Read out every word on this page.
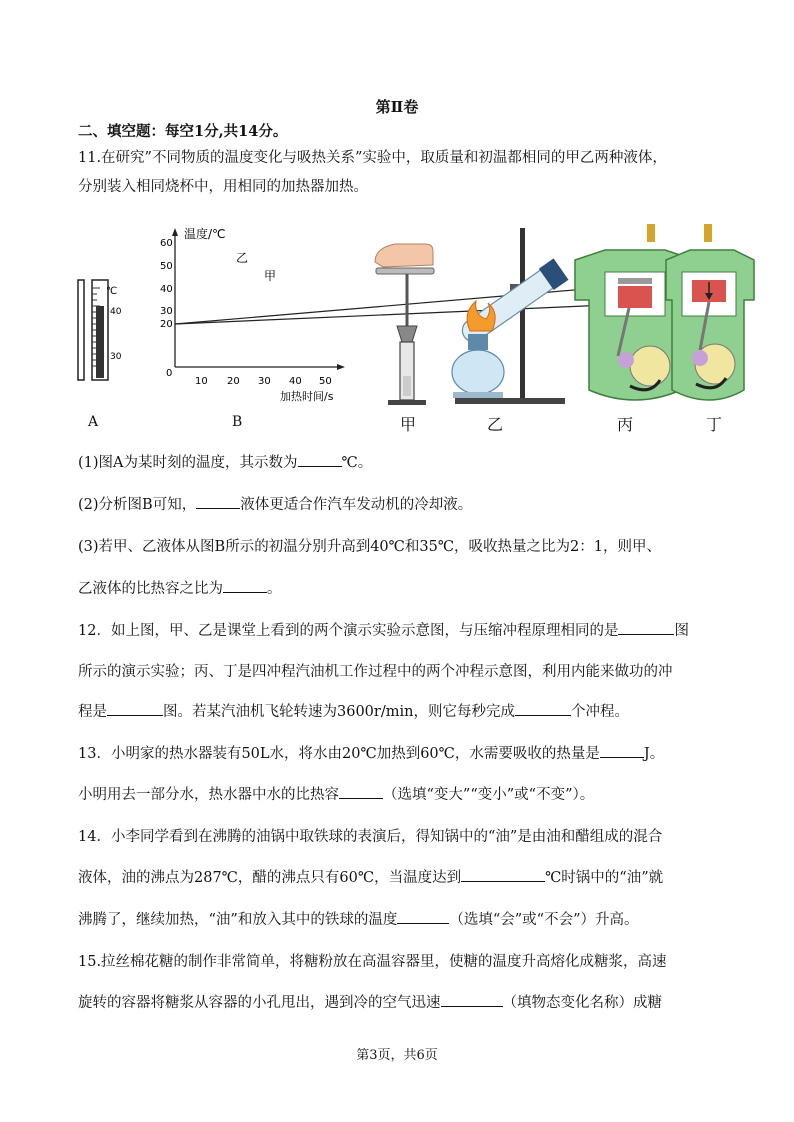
第Ⅱ卷
二、填空题：每空1分,共14分。
11.在研究”不同物质的温度变化与吸热关系”实验中，取质量和初温都相同的甲乙两种液体，
分别装入相同烧杯中，用相同的加热器加热。
℃
40
30
温度/℃
加热时间/s
60
50
40
30
20
0
10 20 30 40 50
乙
甲
A	B	甲	乙	丙	丁
(1)图A为某时刻的温度，其示数为	℃。
(2)分析图B可知，	液体更适合作汽车发动机的冷却液。
(3)若甲、乙液体从图B所示的初温分别升高到40℃和35℃，吸收热量之比为2：1，则甲、
乙液体的比热容之比为	。
12．如上图，甲、乙是课堂上看到的两个演示实验示意图，与压缩冲程原理相同的是	图
所示的演示实验；丙、丁是四冲程汽油机工作过程中的两个冲程示意图，利用内能来做功的冲
程是	图。若某汽油机飞轮转速为3600r/min，则它每秒完成	个冲程。
13．小明家的热水器装有50L水，将水由20℃加热到60℃，水需要吸收的热量是	J。
小明用去一部分水，热水器中水的比热容	（选填“变大”“变小”或“不变”）。
14．小李同学看到在沸腾的油锅中取铁球的表演后，得知锅中的“油”是由油和醋组成的混合
液体，油的沸点为287℃，醋的沸点只有60℃，当温度达到	℃时锅中的“油”就
沸腾了，继续加热，“油”和放入其中的铁球的温度	（选填“会”或“不会”）升高。
15.拉丝棉花糖的制作非常简单，将糖粉放在高温容器里，使糖的温度升高熔化成糖浆，高速
旋转的容器将糖浆从容器的小孔甩出，遇到冷的空气迅速	（填物态变化名称）成糖
第3页，共6页
